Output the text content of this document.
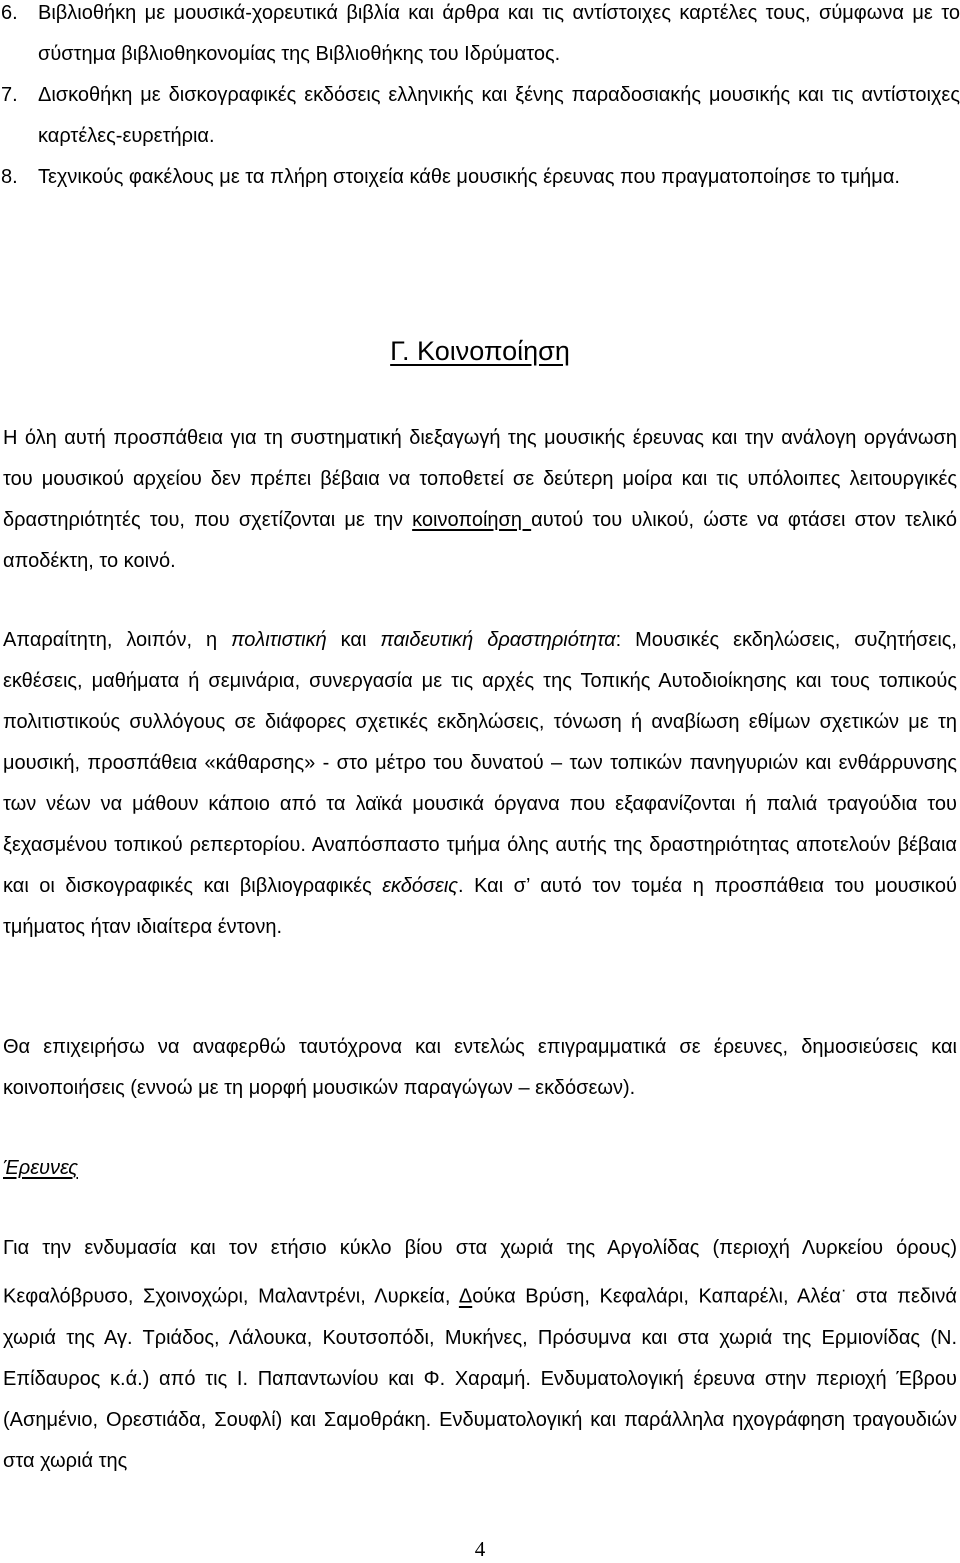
6. Βιβλιοθήκη με μουσικά-χορευτικά βιβλία και άρθρα και τις αντίστοιχες καρτέλες τους, σύμφωνα με το σύστημα βιβλιοθηκονομίας της Βιβλιοθήκης του Ιδρύματος.
7. Δισκοθήκη με δισκογραφικές εκδόσεις ελληνικής και ξένης παραδοσιακής μουσικής και τις αντίστοιχες καρτέλες-ευρετήρια.
8. Τεχνικούς φακέλους με τα πλήρη στοιχεία κάθε μουσικής έρευνας που πραγματοποίησε το τμήμα.
Γ. Κοινοποίηση
Η όλη αυτή προσπάθεια για τη συστηματική διεξαγωγή της μουσικής έρευνας και την ανάλογη οργάνωση του μουσικού αρχείου δεν πρέπει βέβαια να τοποθετεί σε δεύτερη μοίρα και τις υπόλοιπες λειτουργικές δραστηριότητές του, που σχετίζονται με την κοινοποίηση αυτού του υλικού, ώστε να φτάσει στον τελικό αποδέκτη, το κοινό.
Απαραίτητη, λοιπόν, η πολιτιστική και παιδευτική δραστηριότητα: Μουσικές εκδηλώσεις, συζητήσεις, εκθέσεις, μαθήματα ή σεμινάρια, συνεργασία με τις αρχές της Τοπικής Αυτοδιοίκησης και τους τοπικούς πολιτιστικούς συλλόγους σε διάφορες σχετικές εκδηλώσεις, τόνωση ή αναβίωση εθίμων σχετικών με τη μουσική, προσπάθεια «κάθαρσης» - στο μέτρο του δυνατού – των τοπικών πανηγυριών και ενθάρρυνσης των νέων να μάθουν κάποιο από τα λαϊκά μουσικά όργανα που εξαφανίζονται ή παλιά τραγούδια του ξεχασμένου τοπικού ρεπερτορίου. Αναπόσπαστο τμήμα όλης αυτής της δραστηριότητας αποτελούν βέβαια και οι δισκογραφικές και βιβλιογραφικές εκδόσεις. Και σ’ αυτό τον τομέα η προσπάθεια του μουσικού τμήματος ήταν ιδιαίτερα έντονη.
Θα επιχειρήσω να αναφερθώ ταυτόχρονα και εντελώς επιγραμματικά σε έρευνες, δημοσιεύσεις και κοινοποιήσεις (εννοώ με τη μορφή μουσικών παραγώγων – εκδόσεων).
Έρευνες
Για την ενδυμασία και τον ετήσιο κύκλο βίου στα χωριά της Αργολίδας (περιοχή Λυρκείου όρους) Κεφαλόβρυσο, Σχοινοχώρι, Μαλαντρένι, Λυρκεία, Δούκα Βρύση, Κεφαλάρι, Καπαρέλι, Αλέα· στα πεδινά χωριά της Αγ. Τριάδος, Λάλουκα, Κουτσοπόδι, Μυκήνες, Πρόσυμνα και στα χωριά της Ερμιονίδας (Ν. Επίδαυρος κ.ά.) από τις Ι. Παπαντωνίου και Φ. Χαραμή. Ενδυματολογική έρευνα στην περιοχή Έβρου (Ασημένιο, Ορεστιάδα, Σουφλί) και Σαμοθράκη. Ενδυματολογική και παράλληλα ηχογράφηση τραγουδιών στα χωριά της
4
